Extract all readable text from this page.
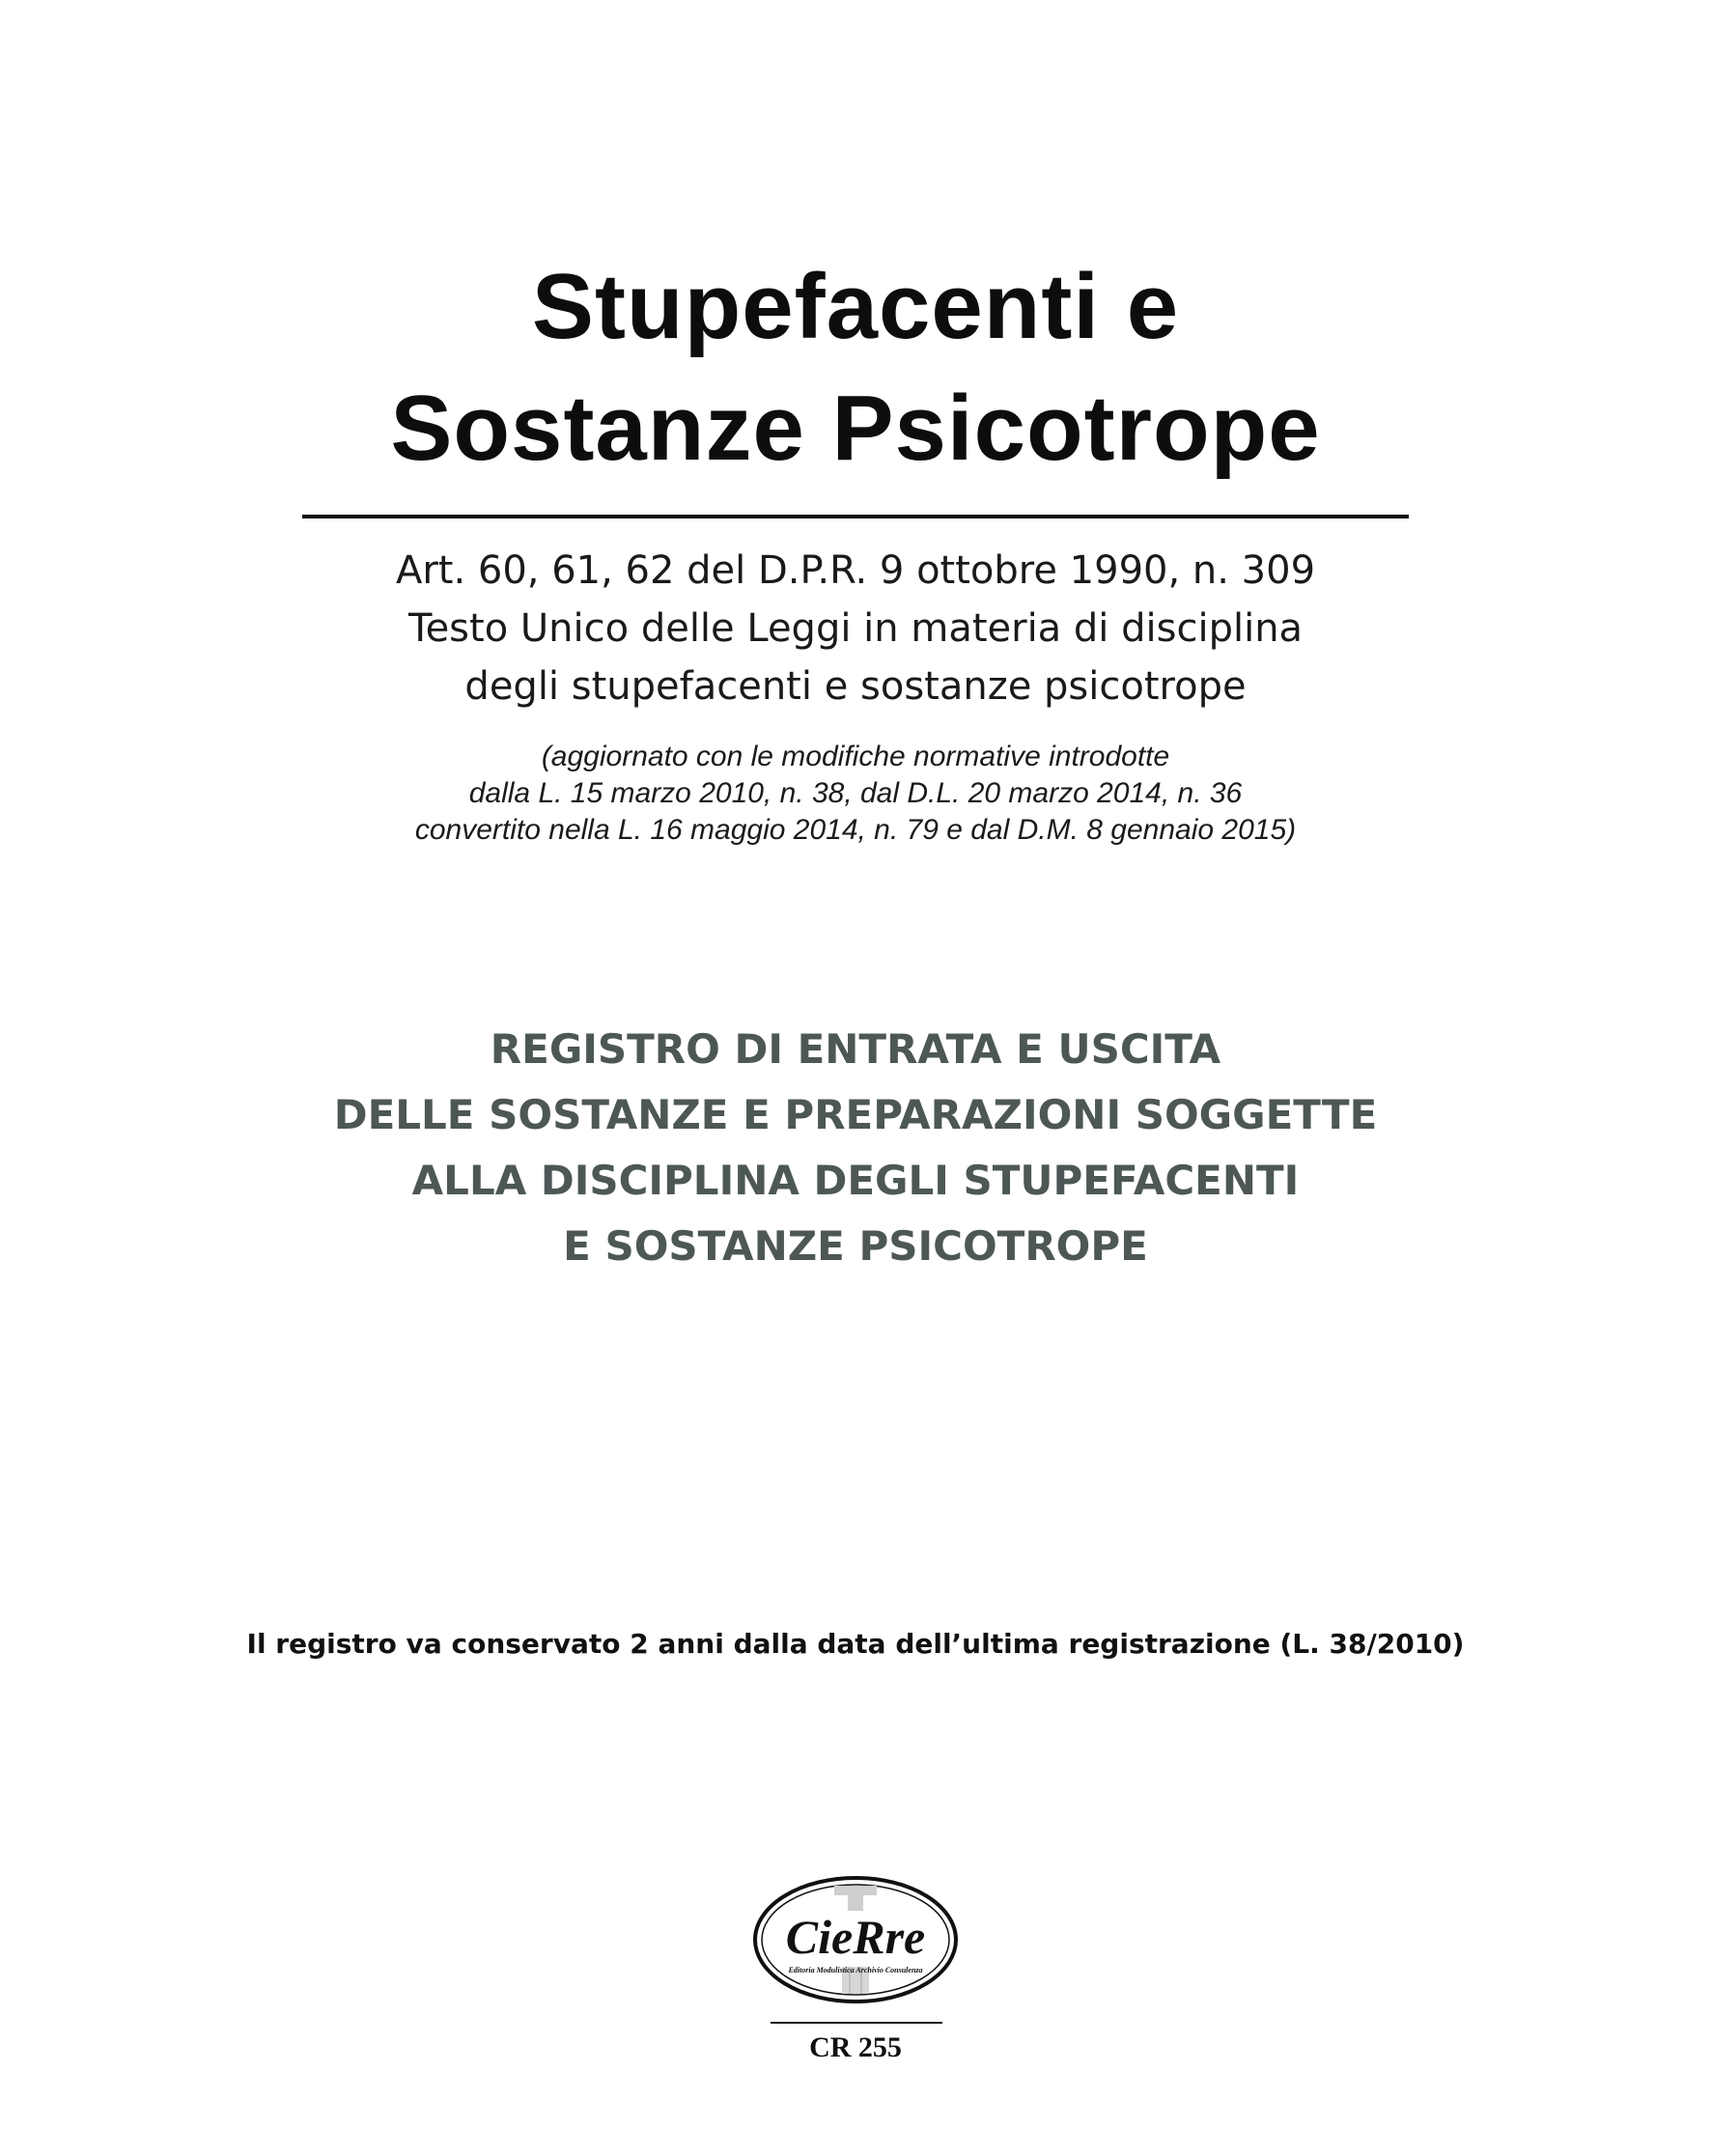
Stupefacenti e
Sostanze Psicotrope
Art. 60, 61, 62 del D.P.R. 9 ottobre 1990, n. 309
Testo Unico delle Leggi in materia di disciplina
degli stupefacenti e sostanze psicotrope
(aggiornato con le modifiche normative introdotte
dalla L. 15 marzo 2010, n. 38, dal D.L. 20 marzo 2014, n. 36
convertito nella L. 16 maggio 2014, n. 79 e dal D.M. 8 gennaio 2015)
REGISTRO DI ENTRATA E USCITA
DELLE SOSTANZE E PREPARAZIONI SOGGETTE
ALLA DISCIPLINA DEGLI STUPEFACENTI
E SOSTANZE PSICOTROPE
Il registro va conservato 2 anni dalla data dell’ultima registrazione (L. 38/2010)
CieRre
Editoria Modulistica Archivio Consulenza
CR 255
